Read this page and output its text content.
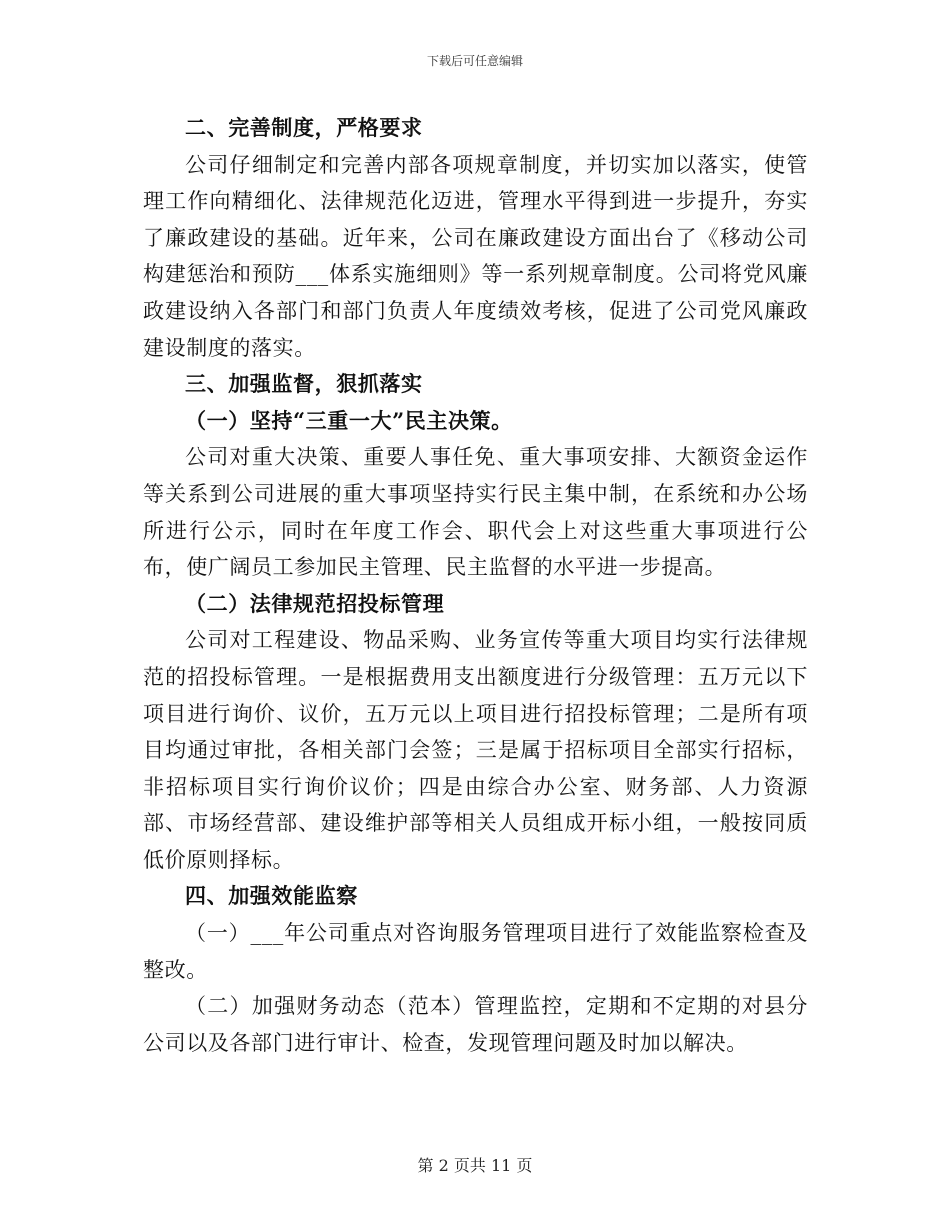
下载后可任意编辑

二、完善制度，严格要求

公司仔细制定和完善内部各项规章制度，并切实加以落实，使管理工作向精细化、法律规范化迈进，管理水平得到进一步提升，夯实了廉政建设的基础。近年来，公司在廉政建设方面出台了《移动公司构建惩治和预防___体系实施细则》等一系列规章制度。公司将党风廉政建设纳入各部门和部门负责人年度绩效考核，促进了公司党风廉政建设制度的落实。

三、加强监督，狠抓落实

（一）坚持“三重一大”民主决策。

公司对重大决策、重要人事任免、重大事项安排、大额资金运作等关系到公司进展的重大事项坚持实行民主集中制，在系统和办公场所进行公示，同时在年度工作会、职代会上对这些重大事项进行公布，使广阔员工参加民主管理、民主监督的水平进一步提高。

（二）法律规范招投标管理

公司对工程建设、物品采购、业务宣传等重大项目均实行法律规范的招投标管理。一是根据费用支出额度进行分级管理：五万元以下项目进行询价、议价，五万元以上项目进行招投标管理；二是所有项目均通过审批，各相关部门会签；三是属于招标项目全部实行招标，非招标项目实行询价议价；四是由综合办公室、财务部、人力资源部、市场经营部、建设维护部等相关人员组成开标小组，一般按同质低价原则择标。

四、加强效能监察

（一）___年公司重点对咨询服务管理项目进行了效能监察检查及整改。

（二）加强财务动态（范本）管理监控，定期和不定期的对县分公司以及各部门进行审计、检查，发现管理问题及时加以解决。

第 2 页共 11 页
